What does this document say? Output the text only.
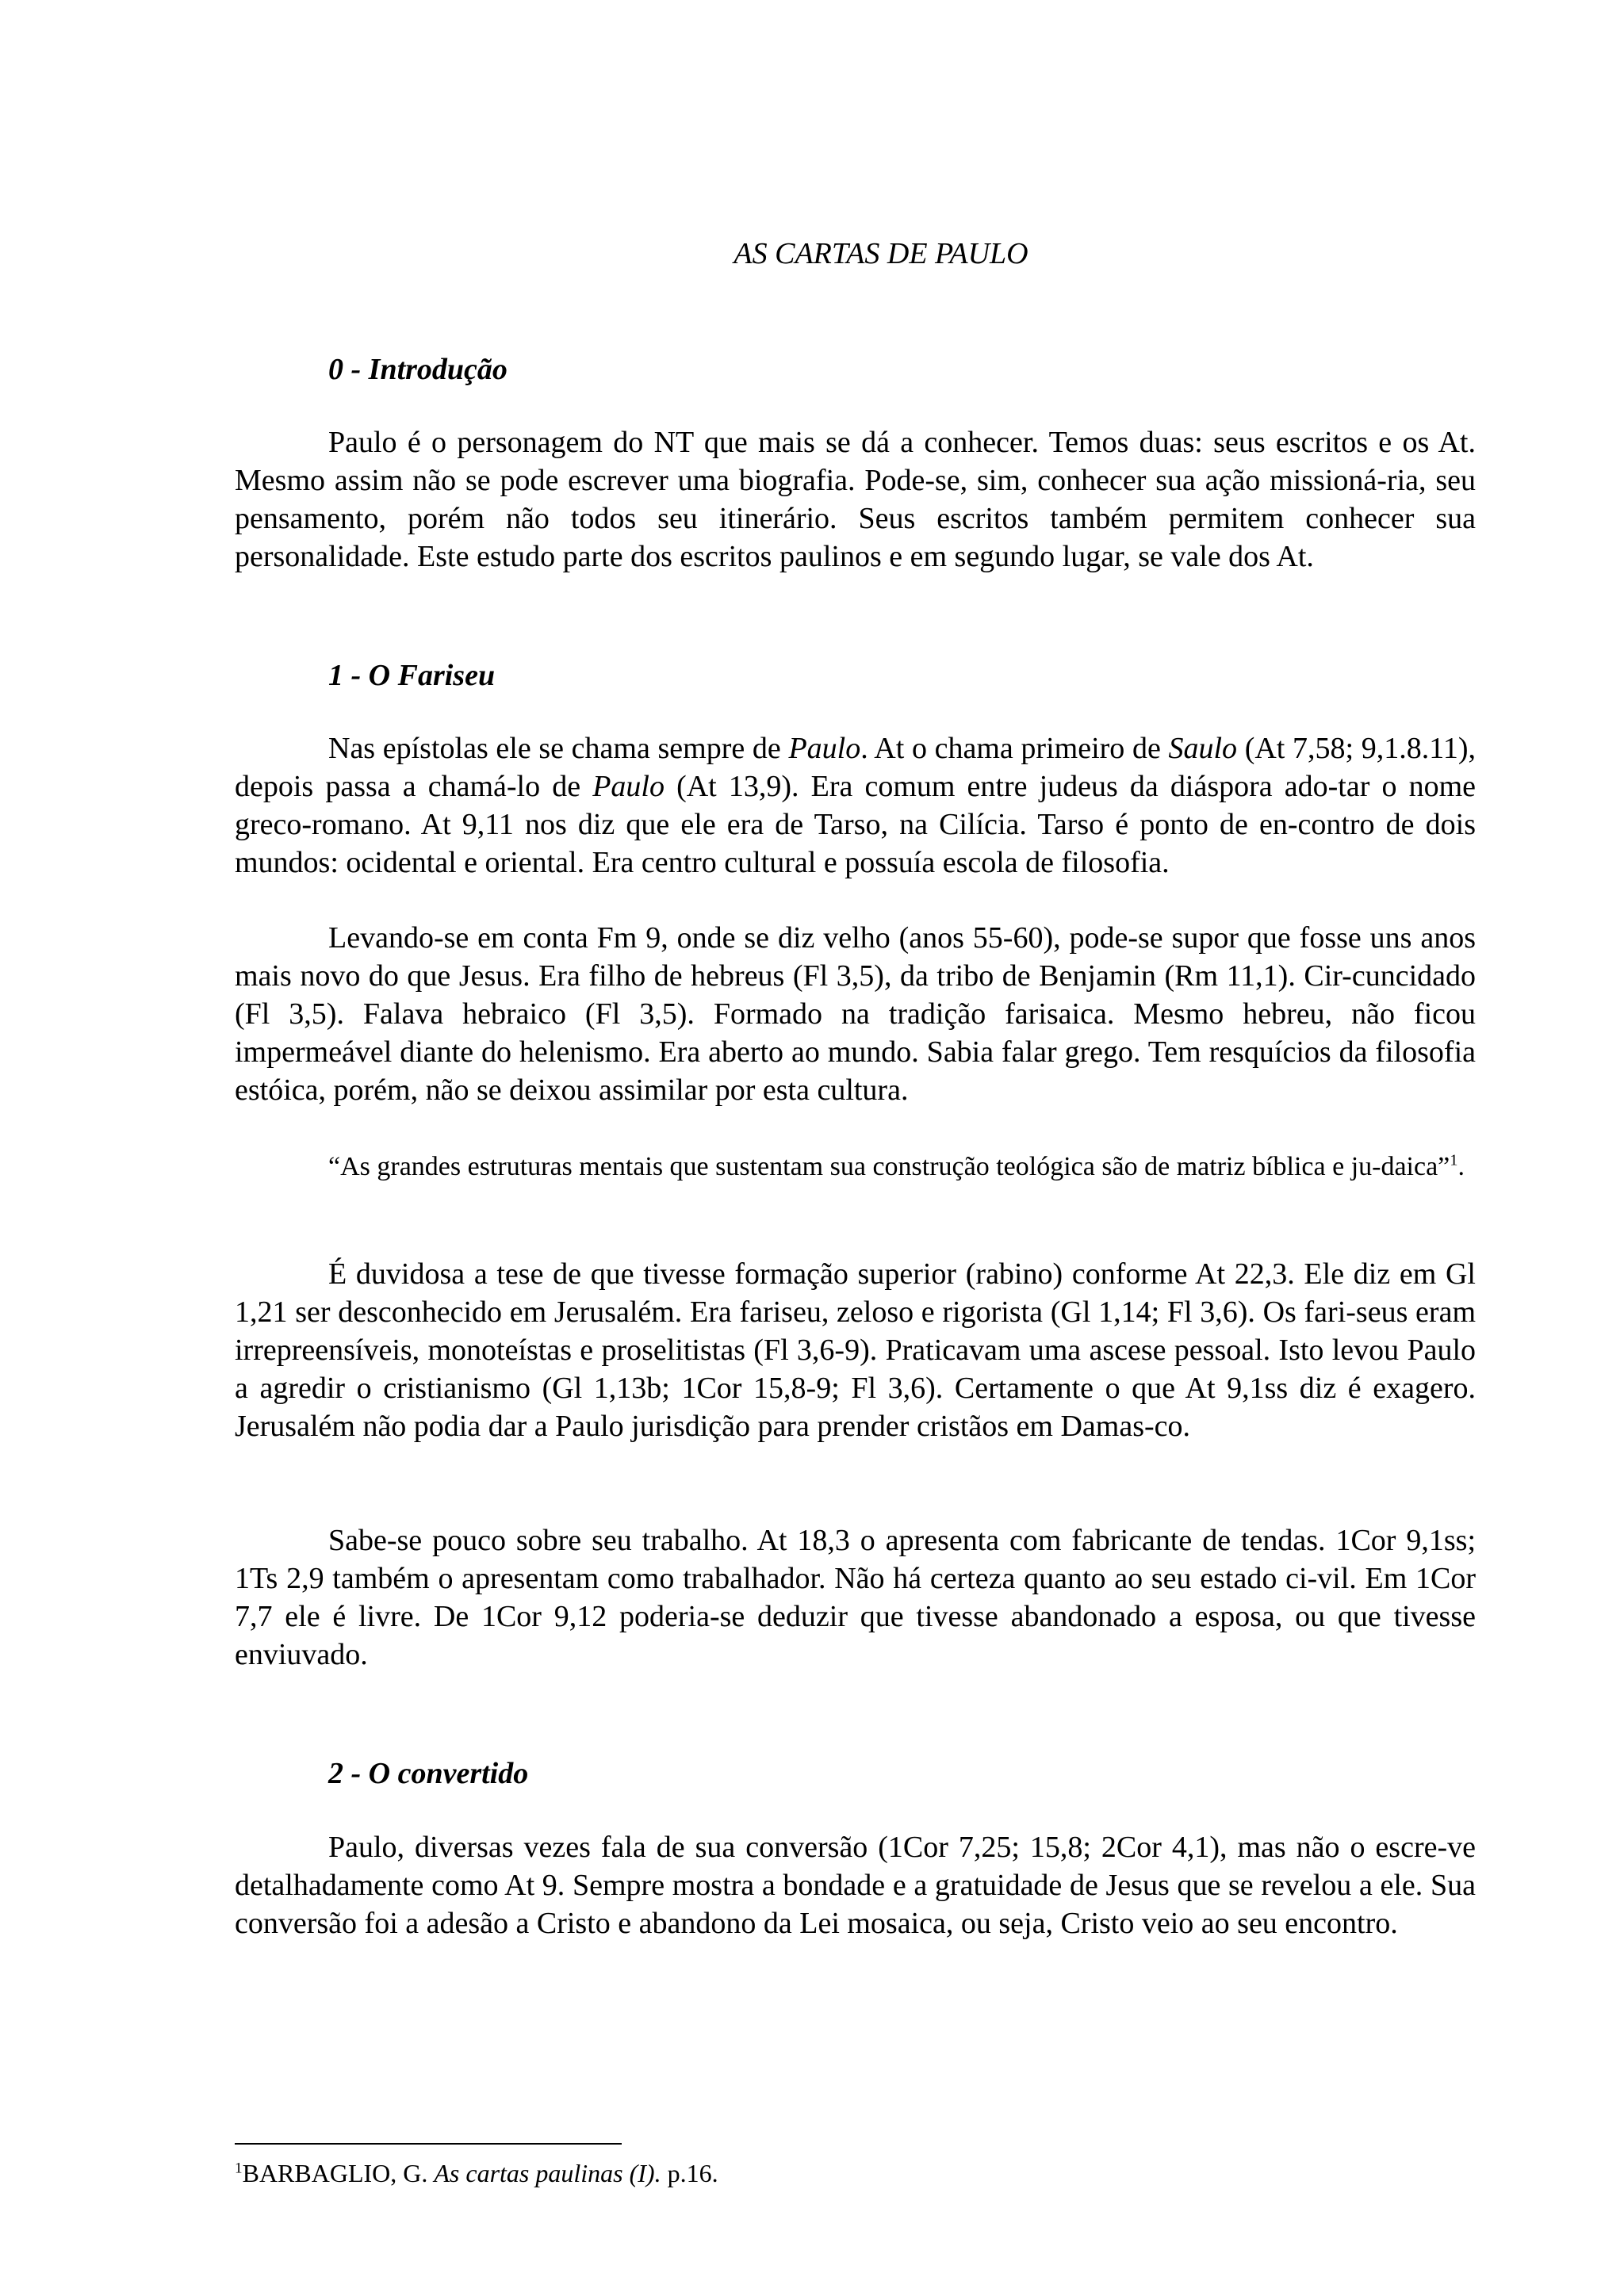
AS CARTAS DE PAULO
0 - Introdução

Paulo é o personagem do NT que mais se dá a conhecer. Temos duas: seus escritos e os At. Mesmo assim não se pode escrever uma biografia. Pode-se, sim, conhecer sua ação missioná-ria, seu pensamento, porém não todos seu itinerário. Seus escritos também permitem conhecer sua personalidade. Este estudo parte dos escritos paulinos e em segundo lugar, se vale dos At.

1 - O Fariseu

Nas epístolas ele se chama sempre de Paulo. At o chama primeiro de Saulo (At 7,58; 9,1.8.11), depois passa a chamá-lo de Paulo (At 13,9). Era comum entre judeus da diáspora ado-tar o nome greco-romano. At 9,11 nos diz que ele era de Tarso, na Cilícia. Tarso é ponto de en-contro de dois mundos: ocidental e oriental. Era centro cultural e possuía escola de filosofia.

Levando-se em conta Fm 9, onde se diz velho (anos 55-60), pode-se supor que fosse uns anos mais novo do que Jesus. Era filho de hebreus (Fl 3,5), da tribo de Benjamin (Rm 11,1). Cir-cuncidado (Fl 3,5). Falava hebraico (Fl 3,5). Formado na tradição farisaica. Mesmo hebreu, não ficou impermeável diante do helenismo. Era aberto ao mundo. Sabia falar grego. Tem resquícios da filosofia estóica, porém, não se deixou assimilar por esta cultura.

“As grandes estruturas mentais que sustentam sua construção teológica são de matriz bíblica e ju-daica”$^1$.

É duvidosa a tese de que tivesse formação superior (rabino) conforme At 22,3. Ele diz em Gl 1,21 ser desconhecido em Jerusalém. Era fariseu, zeloso e rigorista (Gl 1,14; Fl 3,6). Os fari-seus eram irrepreensíveis, monoteístas e proselitistas (Fl 3,6-9). Praticavam uma ascese pessoal. Isto levou Paulo a agredir o cristianismo (Gl 1,13b; 1Cor 15,8-9; Fl 3,6). Certamente o que At 9,1ss diz é exagero. Jerusalém não podia dar a Paulo jurisdição para prender cristãos em Damas-co.

Sabe-se pouco sobre seu trabalho. At 18,3 o apresenta com fabricante de tendas. 1Cor 9,1ss; 1Ts 2,9 também o apresentam como trabalhador. Não há certeza quanto ao seu estado ci-vil. Em 1Cor 7,7 ele é livre. De 1Cor 9,12 poderia-se deduzir que tivesse abandonado a esposa, ou que tivesse enviuvado.

2 - O convertido

Paulo, diversas vezes fala de sua conversão (1Cor 7,25; 15,8; 2Cor 4,1), mas não o escre-ve detalhadamente como At 9. Sempre mostra a bondade e a gratuidade de Jesus que se revelou a ele. Sua conversão foi a adesão a Cristo e abandono da Lei mosaica, ou seja, Cristo veio ao seu encontro.

$^1$BARBAGLIO, G. As cartas paulinas (I). p.16.
